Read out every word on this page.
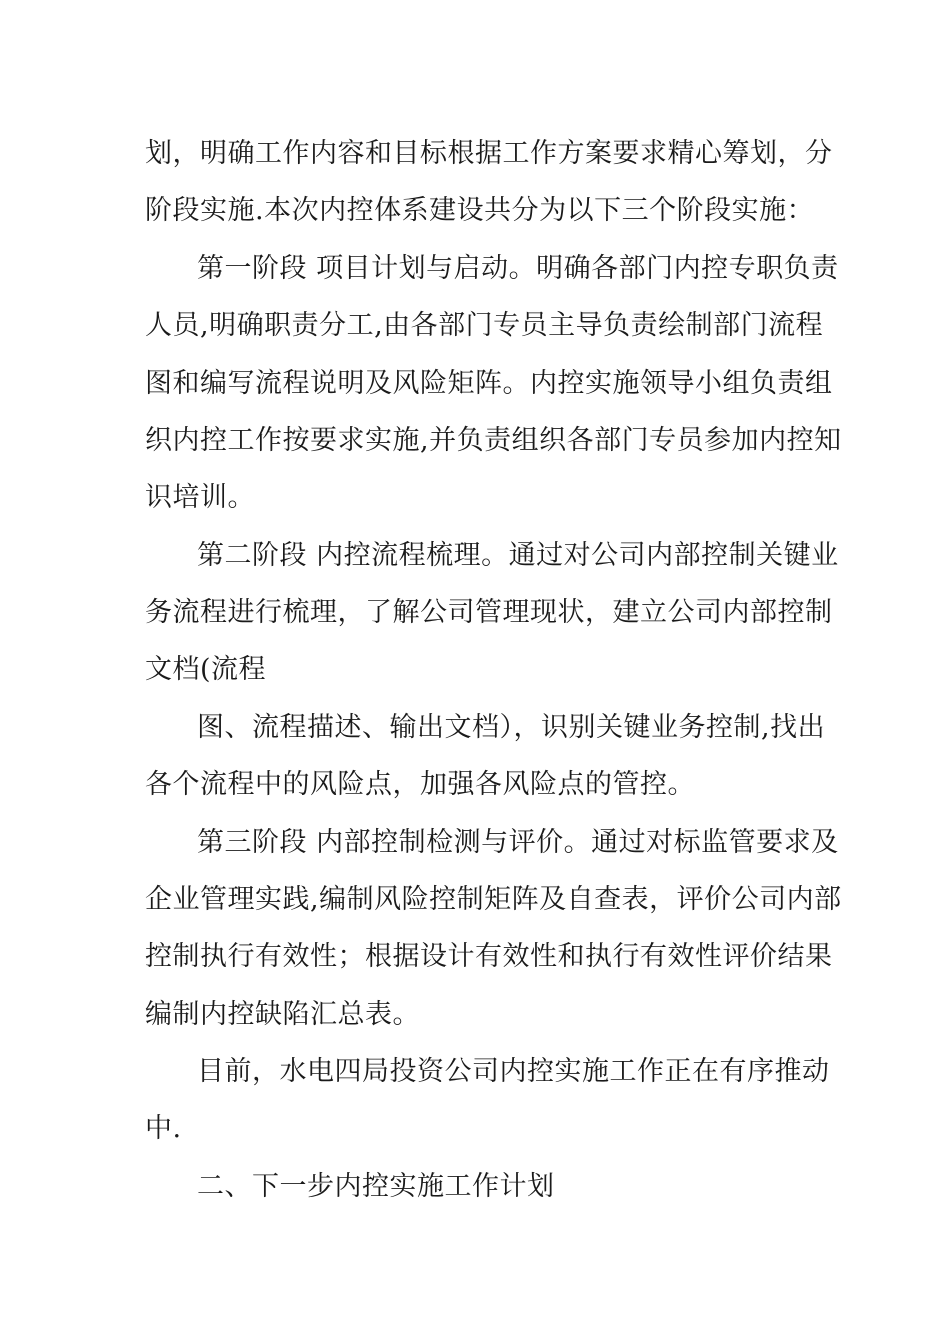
划，明确工作内容和目标根据工作方案要求精心筹划，分
阶段实施.本次内控体系建设共分为以下三个阶段实施：
第一阶段 项目计划与启动。明确各部门内控专职负责
人员,明确职责分工,由各部门专员主导负责绘制部门流程
图和编写流程说明及风险矩阵。内控实施领导小组负责组
织内控工作按要求实施,并负责组织各部门专员参加内控知
识培训。
第二阶段 内控流程梳理。通过对公司内部控制关键业
务流程进行梳理，了解公司管理现状，建立公司内部控制
文档(流程
图、流程描述、输出文档），识别关键业务控制,找出
各个流程中的风险点，加强各风险点的管控。
第三阶段 内部控制检测与评价。通过对标监管要求及
企业管理实践,编制风险控制矩阵及自查表，评价公司内部
控制执行有效性；根据设计有效性和执行有效性评价结果
编制内控缺陷汇总表。
目前，水电四局投资公司内控实施工作正在有序推动
中.
二、下一步内控实施工作计划
